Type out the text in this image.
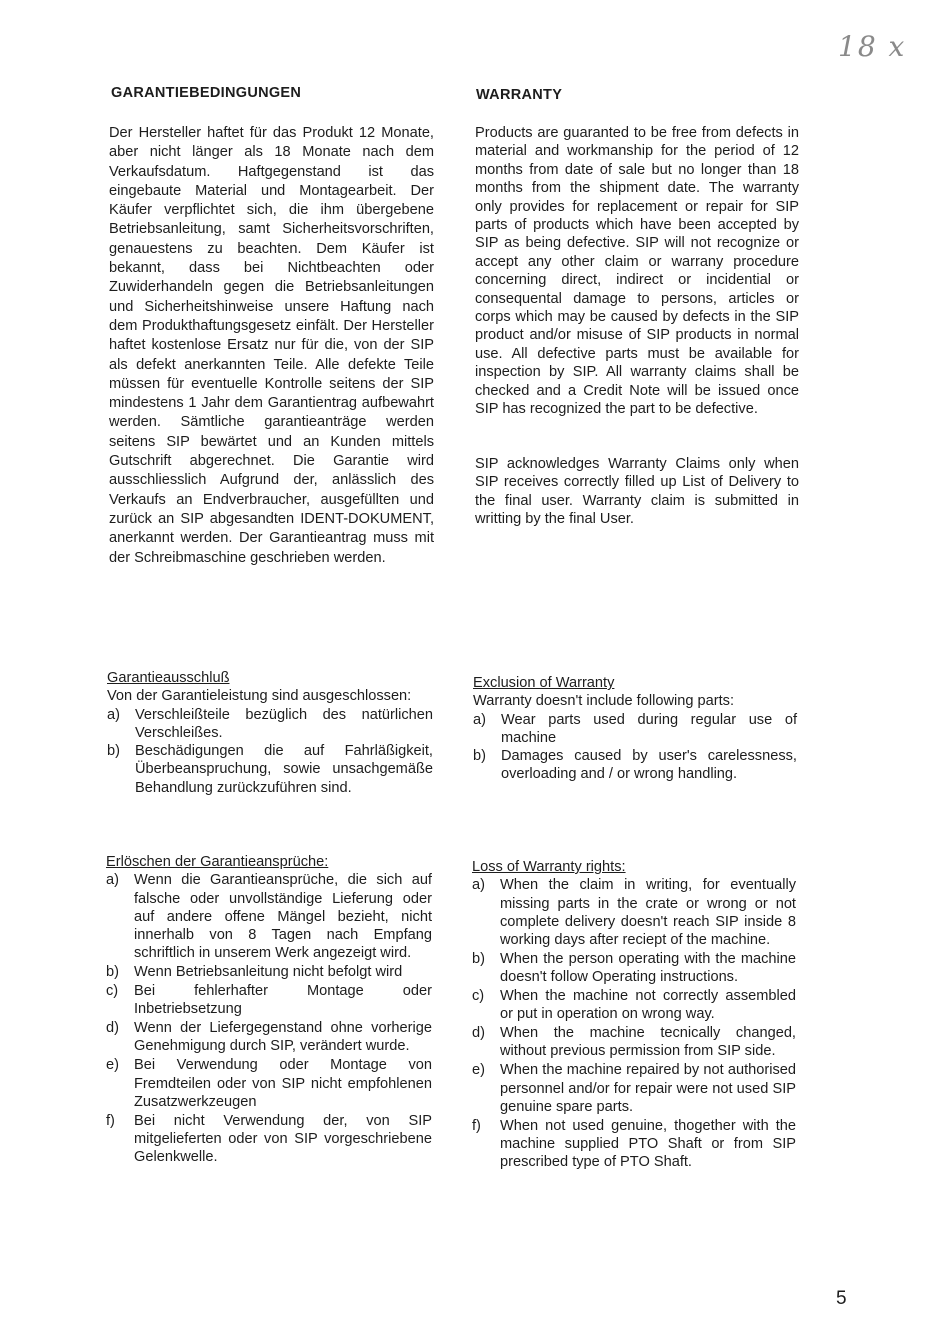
18 x
GARANTIEBEDINGUNGEN

Der Hersteller haftet für das Produkt 12 Monate, aber nicht länger als 18 Monate nach dem Verkaufsdatum. Haftgegenstand ist das eingebaute Material und Montagearbeit. Der Käufer verpflichtet sich, die ihm übergebene Betriebsanleitung, samt Sicherheitsvorschriften, genauestens zu beachten. Dem Käufer ist bekannt, dass bei Nichtbeachten oder Zuwiderhandeln gegen die Betriebsanleitungen und Sicherheitshinweise unsere Haftung nach dem Produkthaftungsgesetz einfält. Der Hersteller haftet kostenlose Ersatz nur für die, von der SIP als defekt anerkannten Teile. Alle defekte Teile müssen für eventuelle Kontrolle seitens der SIP mindestens 1 Jahr dem Garantientrag aufbewahrt werden. Sämtliche garantieanträge werden seitens SIP bewärtet und an Kunden mittels Gutschrift abgerechnet. Die Garantie wird ausschliesslich Aufgrund der, anlässlich des Verkaufs an Endverbraucher, ausgefüllten und zurück an SIP abgesandten IDENT-DOKUMENT, anerkannt werden. Der Garantieantrag muss mit der Schreibmaschine geschrieben werden.

Garantieausschluß
Von der Garantieleistung sind ausgeschlossen:
a) Verschleißteile bezüglich des natürlichen Verschleißes.
b) Beschädigungen die auf Fahrläßigkeit, Überbeanspruchung, sowie unsachgemäße Behandlung zurückzuführen sind.
Erlöschen der Garantieansprüche:
a) Wenn die Garantieansprüche, die sich auf falsche oder unvollständige Lieferung oder auf andere offene Mängel bezieht, nicht innerhalb von 8 Tagen nach Empfang schriftlich in unserem Werk angezeigt wird.
b) Wenn Betriebsanleitung nicht befolgt wird
c) Bei fehlerhafter Montage oder Inbetriebsetzung
d) Wenn der Liefergegenstand ohne vorherige Genehmigung durch SIP, verändert wurde.
e) Bei Verwendung oder Montage von Fremdteilen oder von SIP nicht empfohlenen Zusatzwerkzeugen
f) Bei nicht Verwendung der, von SIP mitgelieferten oder von SIP vorgeschriebene Gelenkwelle.
WARRANTY

Products are guaranted to be free from defects in material and workmanship for the period of 12 months from date of sale but no longer than 18 months from the shipment date. The warranty only provides for replacement or repair for SIP parts of products which have been accepted by SIP as being defective. SIP will not recognize or accept any other claim or warrany procedure concerning direct, indirect or incidential or consequental damage to persons, articles or corps which may be caused by defects in the SIP product and/or misuse of SIP products in normal use. All defective parts must be available for inspection by SIP. All warranty claims shall be checked and a Credit Note will be issued once SIP has recognized the part to be defective.

SIP acknowledges Warranty Claims only when SIP receives correctly filled up List of Delivery to the final user. Warranty claim is submitted in writting by the final User.

Exclusion of Warranty
Warranty doesn't include following parts:
a) Wear parts used during regular use of machine
b) Damages caused by user's carelessness, overloading and / or wrong handling.
Loss of Warranty rights:
a) When the claim in writing, for eventually missing parts in the crate or wrong or not complete delivery doesn't reach SIP inside 8 working days after reciept of the machine.
b) When the person operating with the machine doesn't follow Operating instructions.
c) When the machine not correctly assembled or put in operation on wrong way.
d) When the machine tecnically changed, without previous permission from SIP side.
e) When the machine repaired by not authorised personnel and/or for repair were not used SIP genuine spare parts.
f) When not used genuine, thogether with the machine supplied PTO Shaft or from SIP prescribed type of PTO Shaft.
5
